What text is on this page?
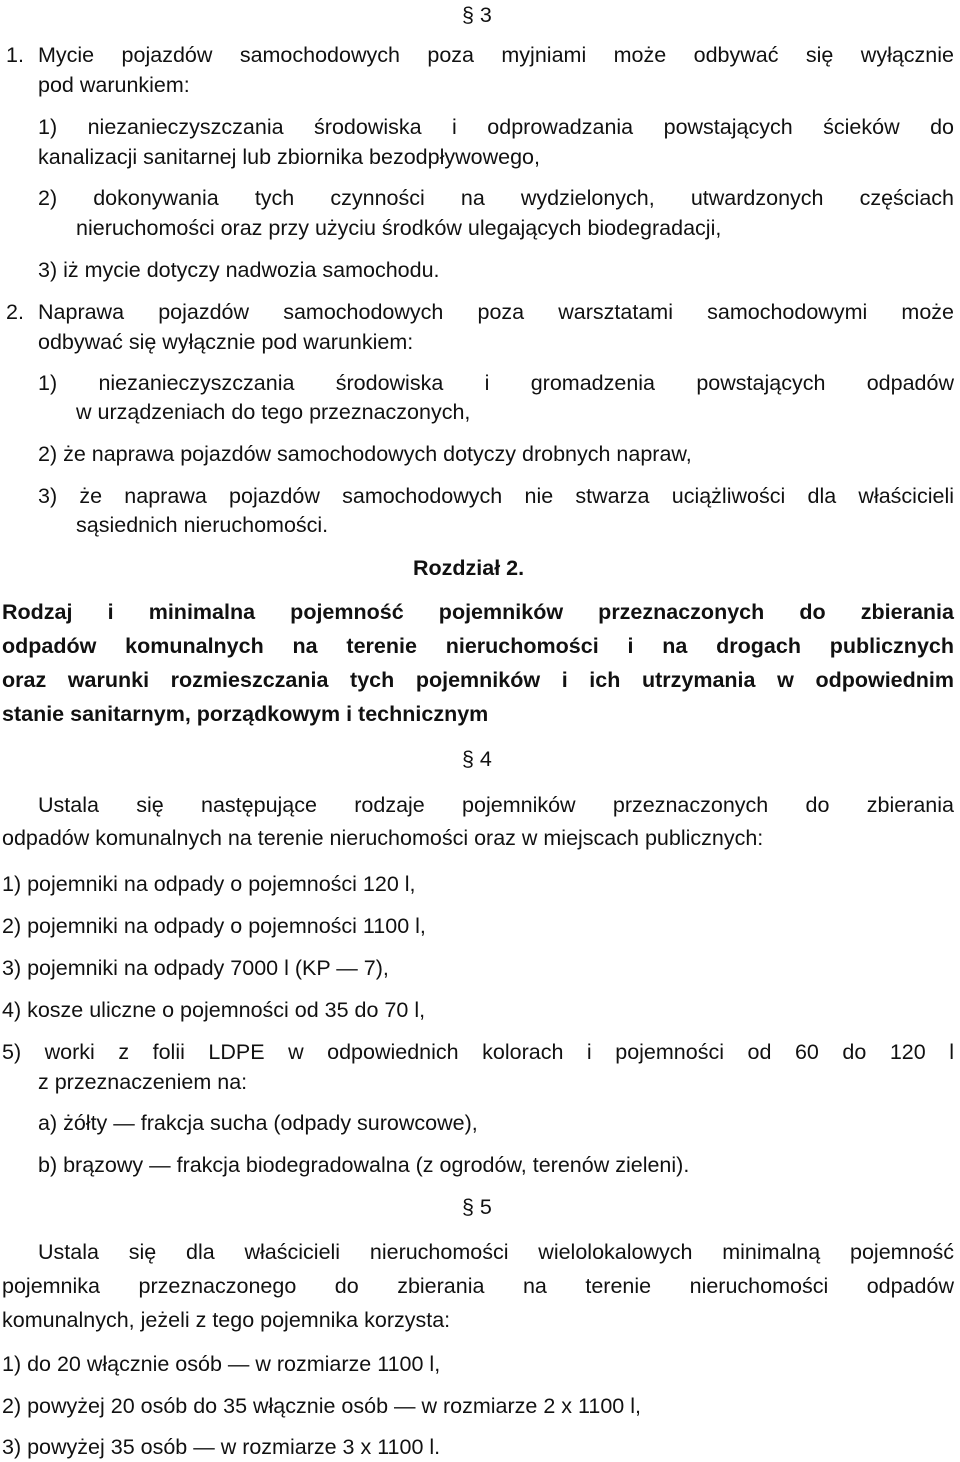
§ 3
1. Mycie pojazdów samochodowych poza myjniami może odbywać się wyłącznie
pod warunkiem:
1) niezanieczyszczania środowiska i odprowadzania powstających ścieków do
kanalizacji sanitarnej lub zbiornika bezodpływowego,
2) dokonywania tych czynności na wydzielonych, utwardzonych częściach
nieruchomości oraz przy użyciu środków ulegających biodegradacji,
3) iż mycie dotyczy nadwozia samochodu.
2. Naprawa pojazdów samochodowych poza warsztatami samochodowymi może
odbywać się wyłącznie pod warunkiem:
1) niezanieczyszczania środowiska i gromadzenia powstających odpadów
w urządzeniach do tego przeznaczonych,
2) że naprawa pojazdów samochodowych dotyczy drobnych napraw,
3) że naprawa pojazdów samochodowych nie stwarza uciążliwości dla właścicieli
sąsiednich nieruchomości.
Rozdział 2.
Rodzaj i minimalna pojemność pojemników przeznaczonych do zbierania
odpadów komunalnych na terenie nieruchomości i na drogach publicznych
oraz warunki rozmieszczania tych pojemników i ich utrzymania w odpowiednim
stanie sanitarnym, porządkowym i technicznym
§ 4
Ustala się następujące rodzaje pojemników przeznaczonych do zbierania
odpadów komunalnych na terenie nieruchomości oraz w miejscach publicznych:
1) pojemniki na odpady o pojemności 120 l,
2) pojemniki na odpady o pojemności 1100 l,
3) pojemniki na odpady 7000 l (KP — 7),
4) kosze uliczne o pojemności od 35 do 70 l,
5) worki z folii LDPE w odpowiednich kolorach i pojemności od 60 do 120 l
z przeznaczeniem na:
a) żółty — frakcja sucha (odpady surowcowe),
b) brązowy — frakcja biodegradowalna (z ogrodów, terenów zieleni).
§ 5
Ustala się dla właścicieli nieruchomości wielolokalowych minimalną pojemność
pojemnika przeznaczonego do zbierania na terenie nieruchomości odpadów
komunalnych, jeżeli z tego pojemnika korzysta:
1) do 20 włącznie osób — w rozmiarze 1100 l,
2) powyżej 20 osób do 35 włącznie osób — w rozmiarze 2 x 1100 l,
3) powyżej 35 osób — w rozmiarze 3 x 1100 l.
